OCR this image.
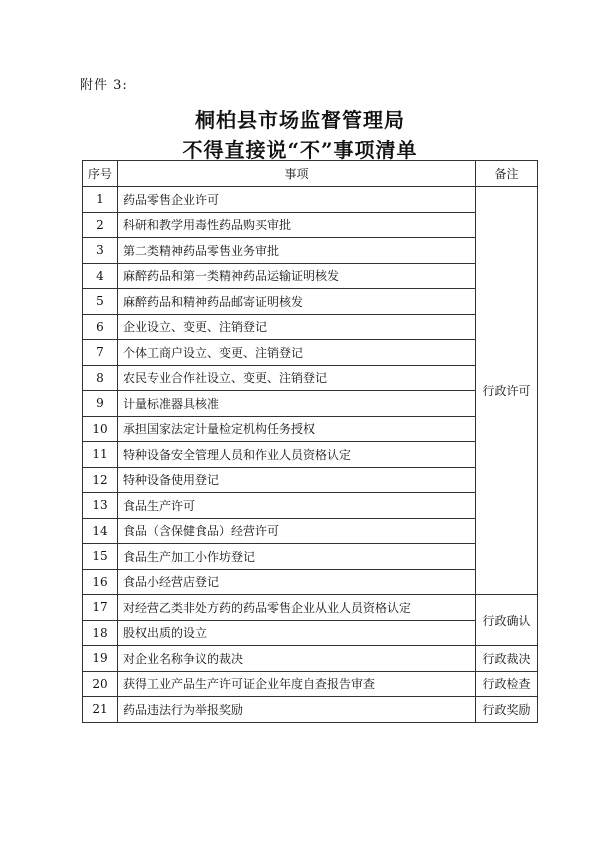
附件 3:
桐柏县市场监督管理局
不得直接说“不”事项清单
序号	事项	备注
1	药品零售企业许可	行政许可
2	科研和教学用毒性药品购买审批	
3	第二类精神药品零售业务审批	
4	麻醉药品和第一类精神药品运输证明核发	
5	麻醉药品和精神药品邮寄证明核发	
6	企业设立、变更、注销登记	
7	个体工商户设立、变更、注销登记	
8	农民专业合作社设立、变更、注销登记	
9	计量标准器具核准	
10	承担国家法定计量检定机构任务授权	
11	特种设备安全管理人员和作业人员资格认定	
12	特种设备使用登记	
13	食品生产许可	
14	食品（含保健食品）经营许可	
15	食品生产加工小作坊登记	
16	食品小经营店登记	
17	对经营乙类非处方药的药品零售企业从业人员资格认定	行政确认
18	股权出质的设立	
19	对企业名称争议的裁决	行政裁决
20	获得工业产品生产许可证企业年度自查报告审查	行政检查
21	药品违法行为举报奖励	行政奖励
